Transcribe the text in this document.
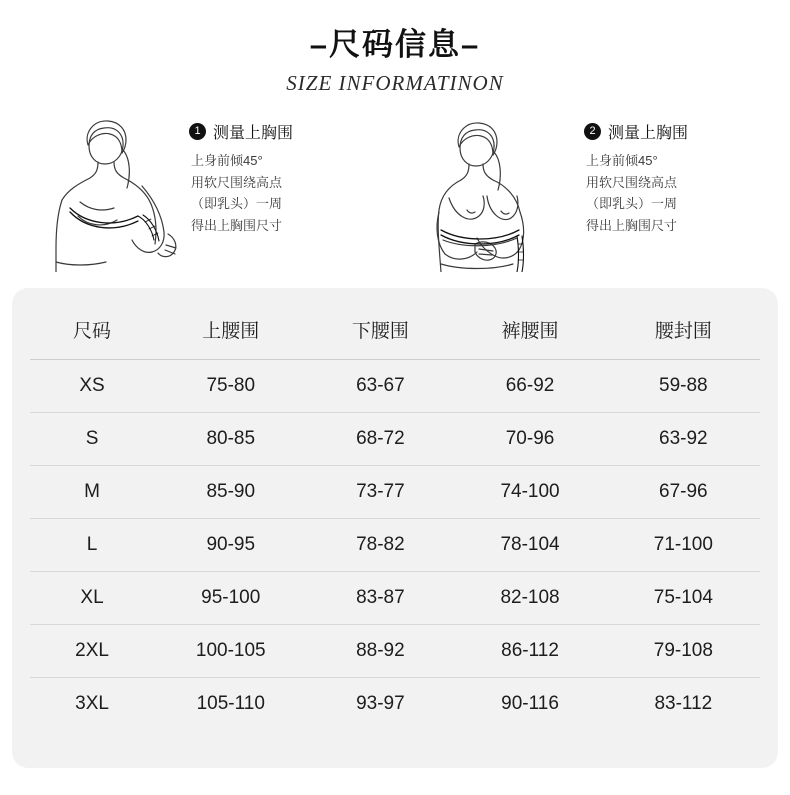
–尺码信息–
SIZE INFORMATINON
1 测量上胸围
上身前倾45°
用软尺围绕高点
（即乳头）一周
得出上胸围尺寸
2 测量上胸围
上身前倾45°
用软尺围绕高点
（即乳头）一周
得出上胸围尺寸
尺码	上腰围	下腰围	裤腰围	腰封围
XS	75-80	63-67	66-92	59-88
S	80-85	68-72	70-96	63-92
M	85-90	73-77	74-100	67-96
L	90-95	78-82	78-104	71-100
XL	95-100	83-87	82-108	75-104
2XL	100-105	88-92	86-112	79-108
3XL	105-110	93-97	90-116	83-112
